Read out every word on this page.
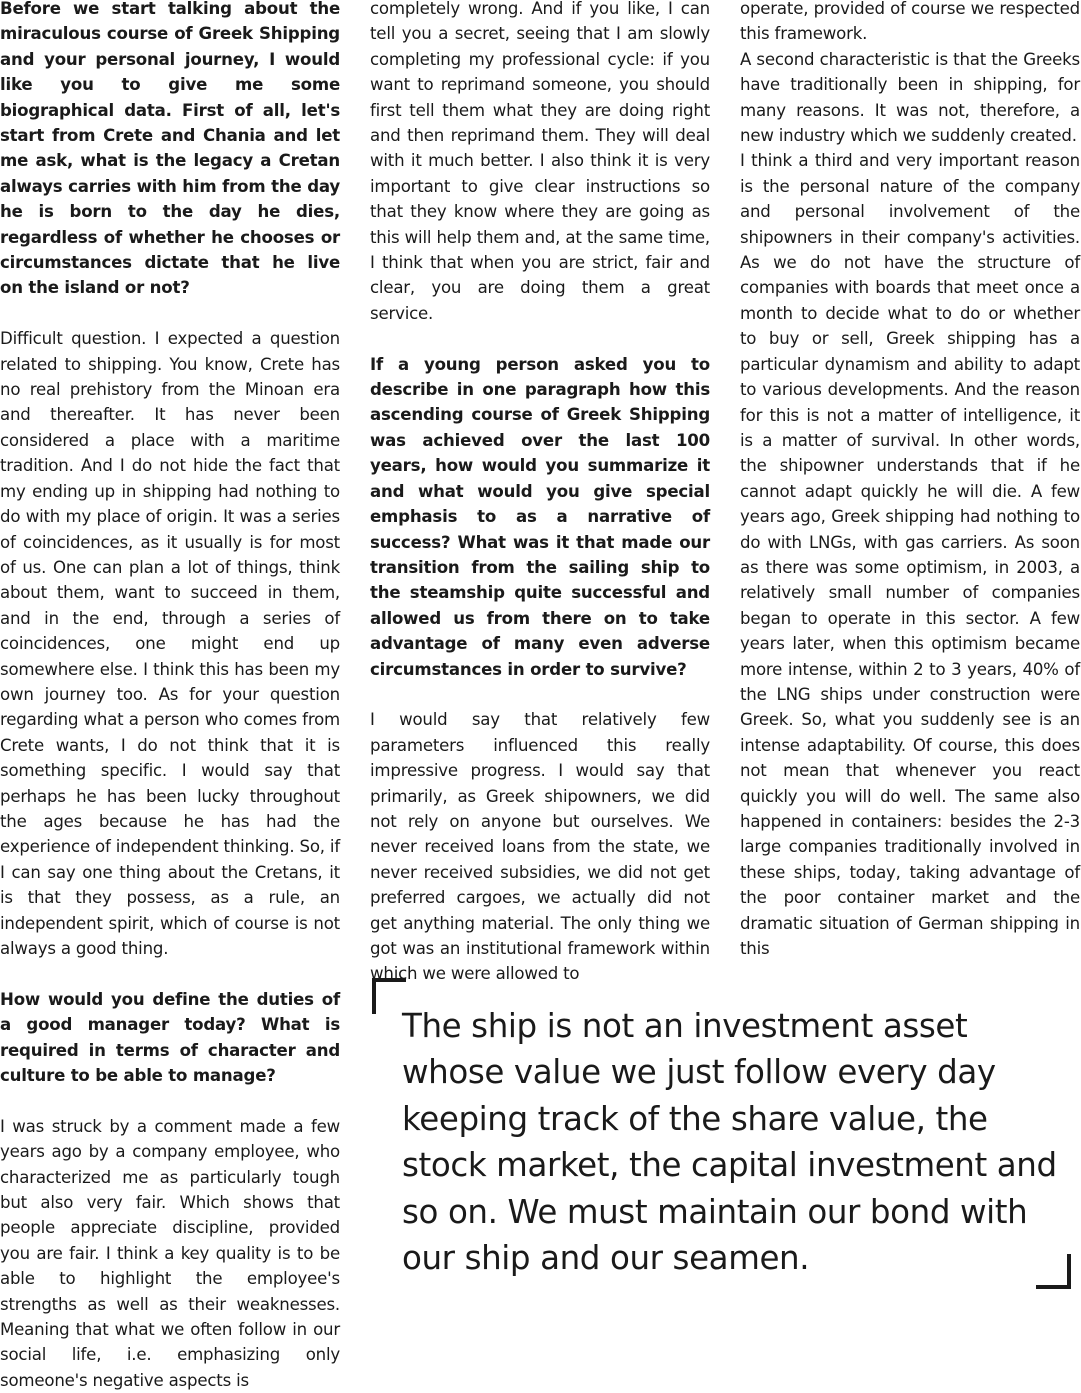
Before we start talking about the miraculous course of Greek Shipping and your personal journey, I would like you to give me some biographical data. First of all, let's start from Crete and Chania and let me ask, what is the legacy a Cretan always carries with him from the day he is born to the day he dies, regardless of whether he chooses or circumstances dictate that he live on the island or not?

Difficult question. I expected a question related to shipping. You know, Crete has no real prehistory from the Minoan era and thereafter. It has never been considered a place with a maritime tradition. And I do not hide the fact that my ending up in shipping had nothing to do with my place of origin. It was a series of coincidences, as it usually is for most of us. One can plan a lot of things, think about them, want to succeed in them, and in the end, through a series of coincidences, one might end up somewhere else. I think this has been my own journey too. As for your question regarding what a person who comes from Crete wants, I do not think that it is something specific. I would say that perhaps he has been lucky throughout the ages because he has had the experience of independent thinking. So, if I can say one thing about the Cretans, it is that they possess, as a rule, an independent spirit, which of course is not always a good thing.

How would you define the duties of a good manager today? What is required in terms of character and culture to be able to manage?

I was struck by a comment made a few years ago by a company employee, who characterized me as particularly tough but also very fair. Which shows that people appreciate discipline, provided you are fair. I think a key quality is to be able to highlight the employee's strengths as well as their weaknesses. Meaning that what we often follow in our social life, i.e. emphasizing only someone's negative aspects is

completely wrong. And if you like, I can tell you a secret, seeing that I am slowly completing my professional cycle: if you want to reprimand someone, you should first tell them what they are doing right and then reprimand them. They will deal with it much better. I also think it is very important to give clear instructions so that they know where they are going as this will help them and, at the same time, I think that when you are strict, fair and clear, you are doing them a great service.

If a young person asked you to describe in one paragraph how this ascending course of Greek Shipping was achieved over the last 100 years, how would you summarize it and what would you give special emphasis to as a narrative of success? What was it that made our transition from the sailing ship to the steamship quite successful and allowed us from there on to take advantage of many even adverse circumstances in order to survive?

I would say that relatively few parameters influenced this really impressive progress. I would say that primarily, as Greek shipowners, we did not rely on anyone but ourselves. We never received loans from the state, we never received subsidies, we did not get preferred cargoes, we actually did not get anything material. The only thing we got was an institutional framework within which we were allowed to

operate, provided of course we respected this framework.

A second characteristic is that the Greeks have traditionally been in shipping, for many reasons. It was not, therefore, a new industry which we suddenly created.

I think a third and very important reason is the personal nature of the company and personal involvement of the shipowners in their company's activities. As we do not have the structure of companies with boards that meet once a month to decide what to do or whether to buy or sell, Greek shipping has a particular dynamism and ability to adapt to various developments. And the reason for this is not a matter of intelligence, it is a matter of survival. In other words, the shipowner understands that if he cannot adapt quickly he will die. A few years ago, Greek shipping had nothing to do with LNGs, with gas carriers. As soon as there was some optimism, in 2003, a relatively small number of companies began to operate in this sector. A few years later, when this optimism became more intense, within 2 to 3 years, 40% of the LNG ships under construction were Greek. So, what you suddenly see is an intense adaptability. Of course, this does not mean that whenever you react quickly you will do well. The same also happened in containers: besides the 2-3 large companies traditionally involved in these ships, today, taking advantage of the poor container market and the dramatic situation of German shipping in this

The ship is not an investment asset whose value we just follow every day keeping track of the share value, the stock market, the capital investment and so on. We must maintain our bond with our ship and our seamen.
